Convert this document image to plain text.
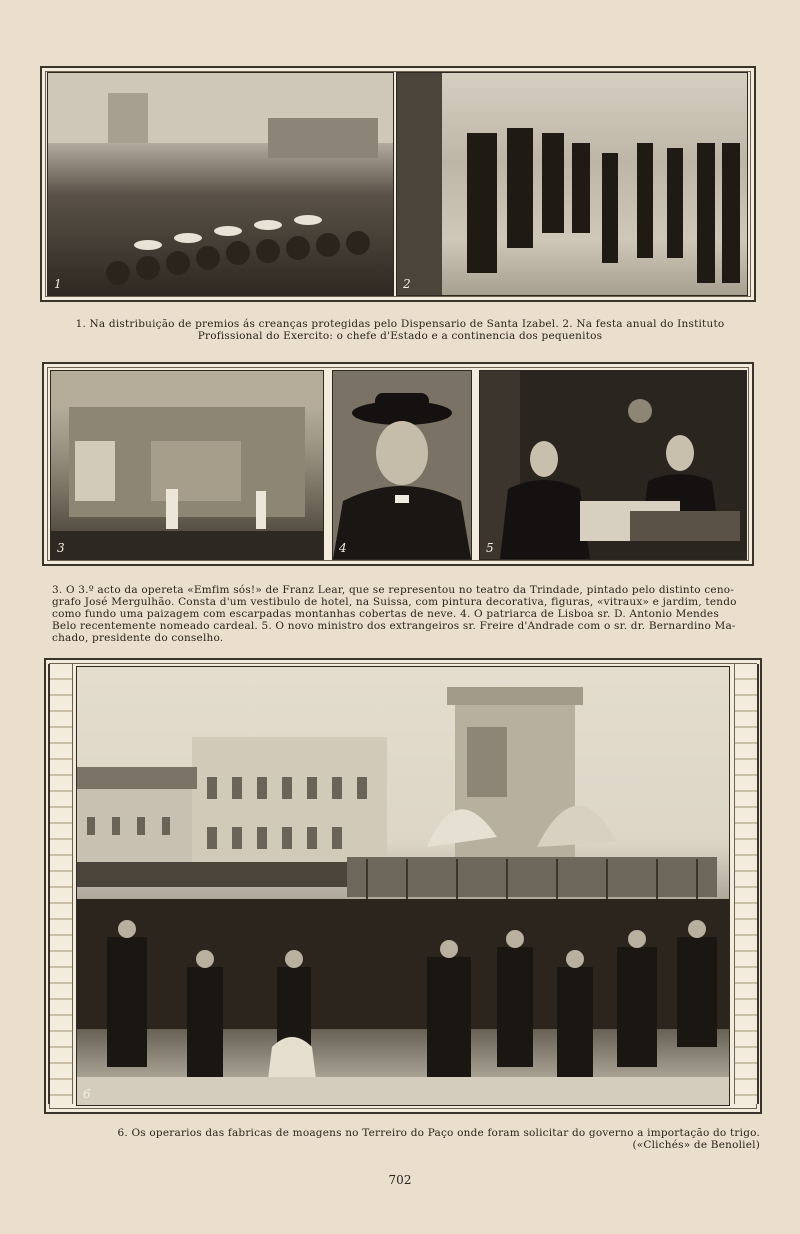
1	2
1. Na distribuição de premios ás creanças protegidas pelo Dispensario de Santa Izabel. 2. Na festa anual do Instituto
Profissional do Exercito: o chefe d'Estado e a continencia dos pequenitos
3	4	5
3. O 3.º acto da opereta «Emfim sós!» de Franz Lear, que se representou no teatro da Trindade, pintado pelo distinto ceno-
grafo José Mergulhão. Consta d'um vestibulo de hotel, na Suissa, com pintura decorativa, figuras, «vitraux» e jardim, tendo
como fundo uma paizagem com escarpadas montanhas cobertas de neve. 4. O patriarca de Lisboa sr. D. Antonio Mendes
Belo recentemente nomeado cardeal. 5. O novo ministro dos extrangeiros sr. Freire d'Andrade com o sr. dr. Bernardino Ma-
chado, presidente do conselho.
6
6. Os operarios das fabricas de moagens no Terreiro do Paço onde foram solicitar do governo a importação do trigo.
(«Clichés» de Benoliel)
702
